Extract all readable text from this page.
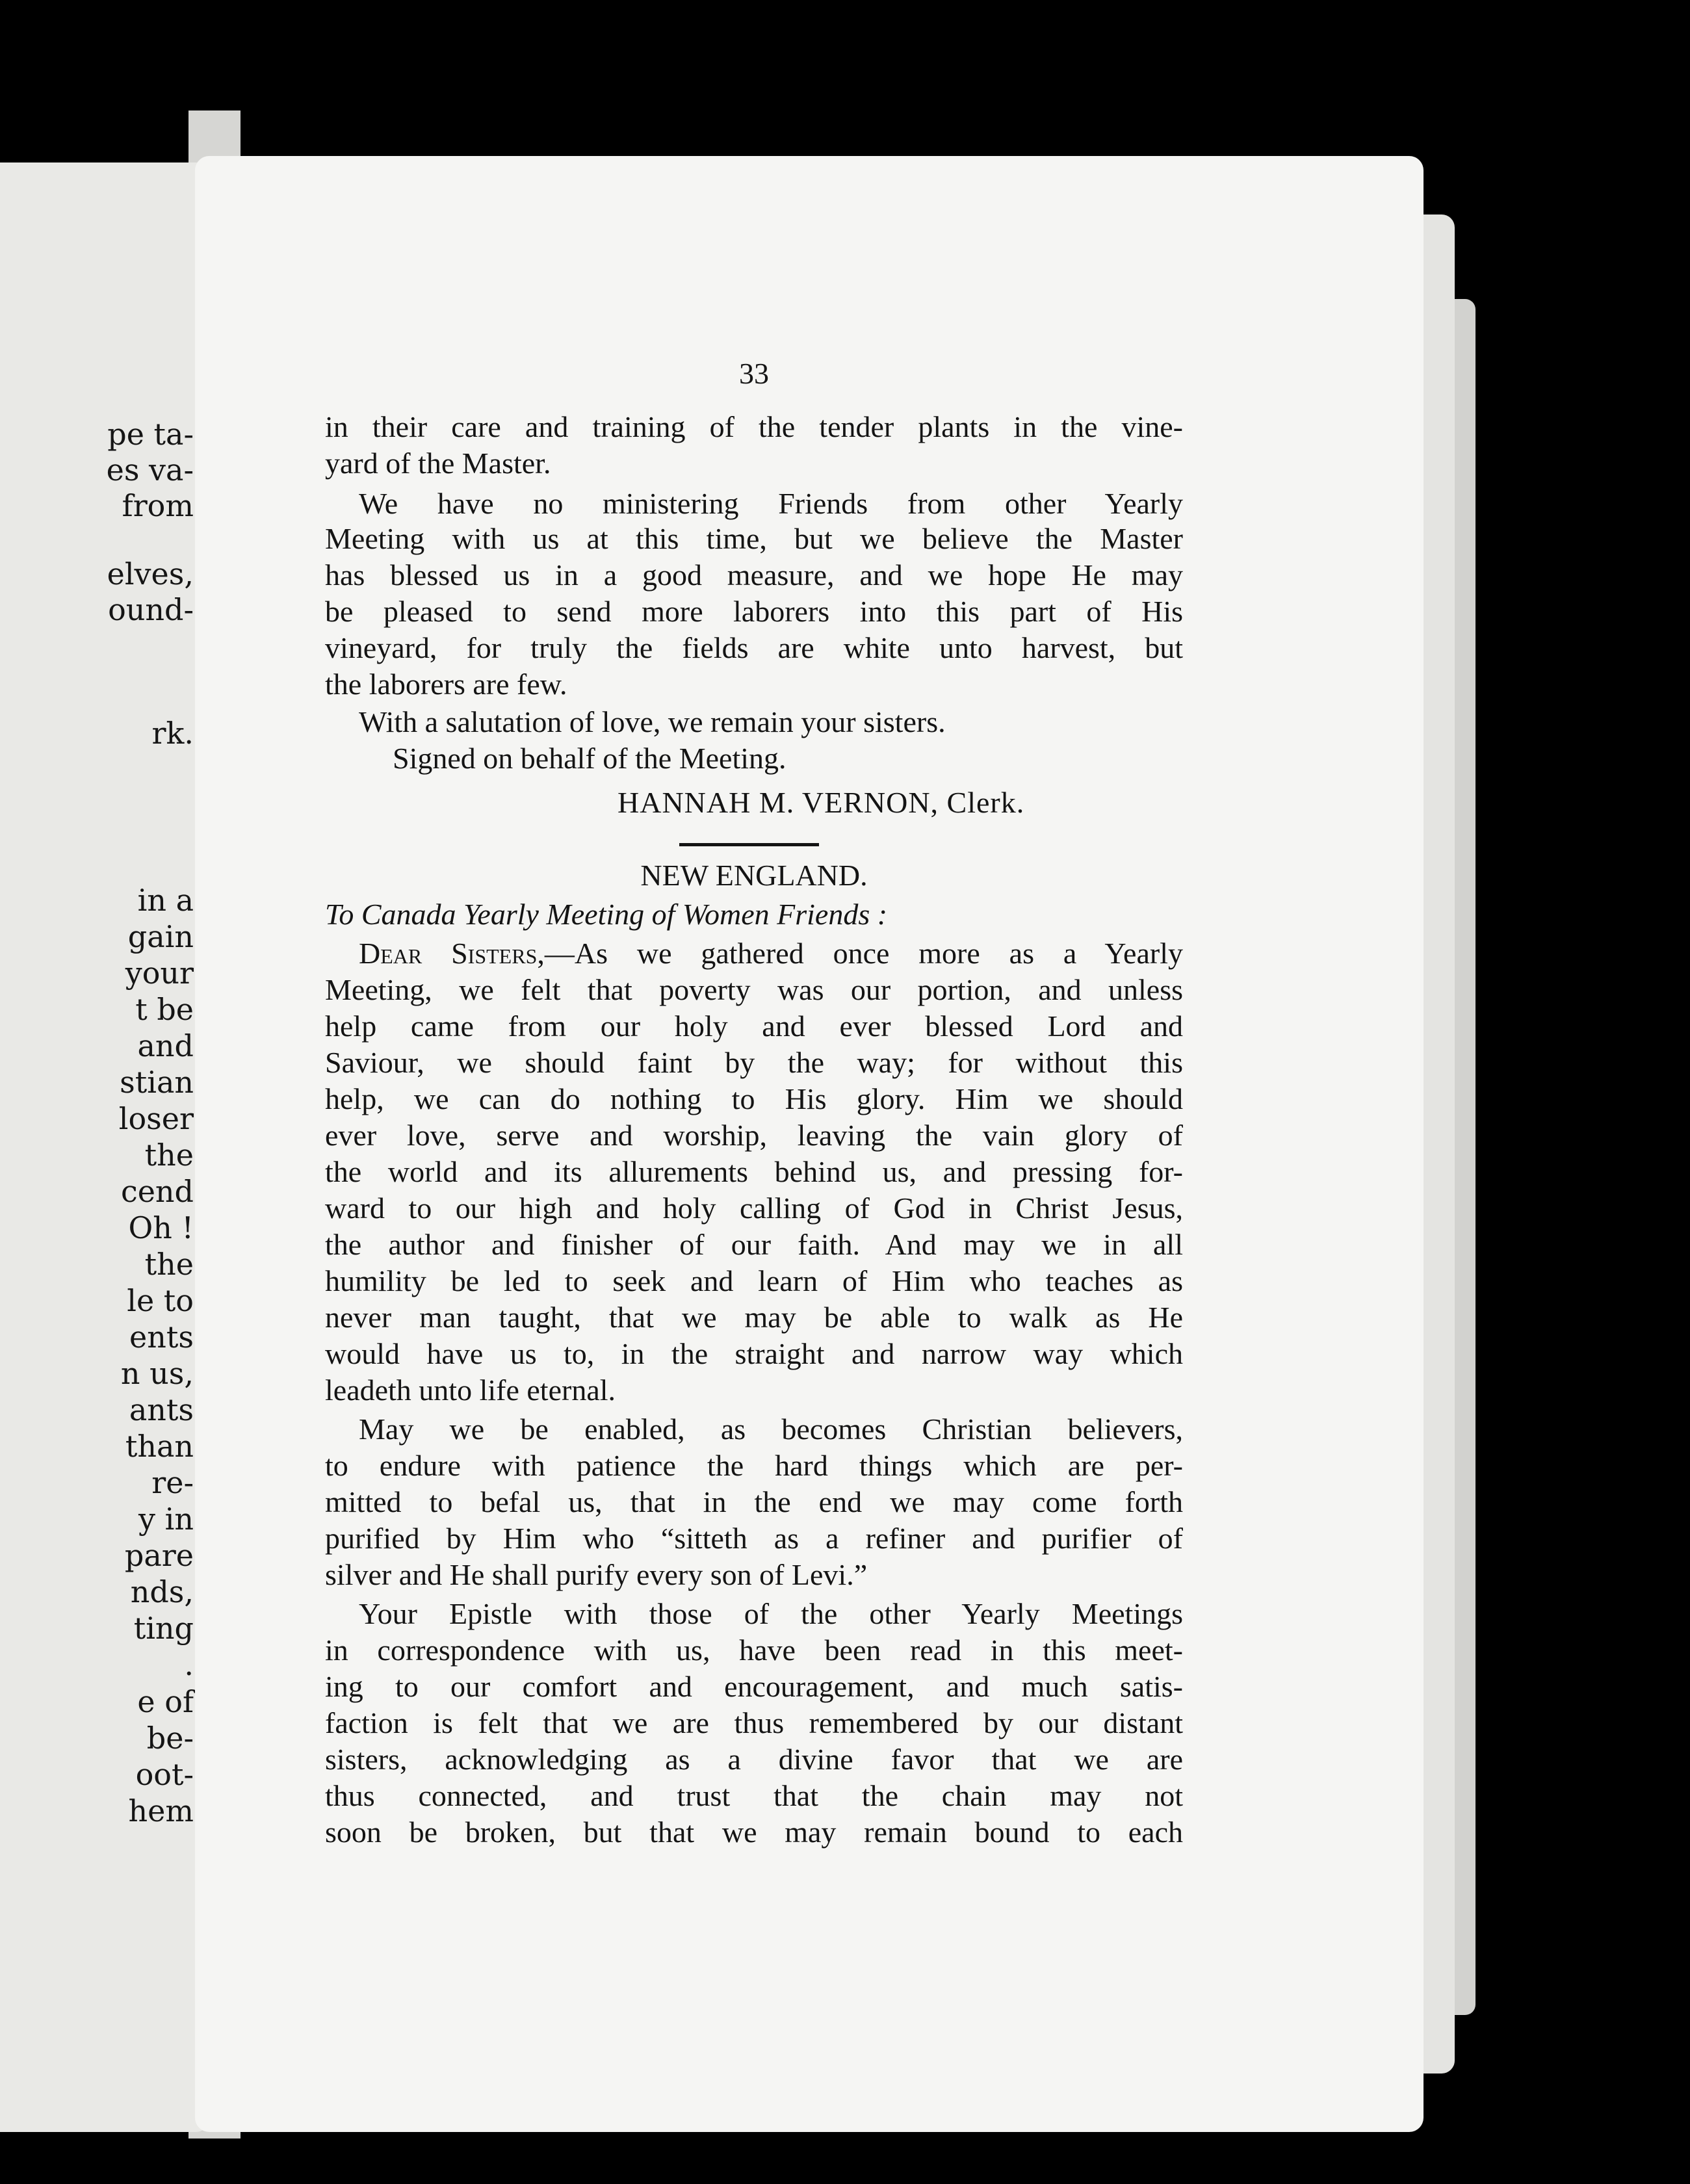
pe ta-
es va-
from
elves,
ound-
rk.
in a
gain
your
t be
and
stian
loser
the
cend
Oh !
the
le to
ents
n us,
ants
than
re-
y in
pare
nds,
ting
.
e of
be-
oot-
hem
33
in their care and training of the tender plants in the vine-
yard of the Master.
We have no ministering Friends from other Yearly
Meeting with us at this time, but we believe the Master
has blessed us in a good measure, and we hope He may
be pleased to send more laborers into this part of His
vineyard, for truly the fields are white unto harvest, but
the laborers are few.
With a salutation of love, we remain your sisters.
Signed on behalf of the Meeting.
HANNAH M. VERNON, Clerk.
NEW ENGLAND.
To Canada Yearly Meeting of Women Friends :
Dear Sisters,—As we gathered once more as a Yearly
Meeting, we felt that poverty was our portion, and unless
help came from our holy and ever blessed Lord and
Saviour, we should faint by the way; for without this
help, we can do nothing to His glory. Him we should
ever love, serve and worship, leaving the vain glory of
the world and its allurements behind us, and pressing for-
ward to our high and holy calling of God in Christ Jesus,
the author and finisher of our faith. And may we in all
humility be led to seek and learn of Him who teaches as
never man taught, that we may be able to walk as He
would have us to, in the straight and narrow way which
leadeth unto life eternal.
May we be enabled, as becomes Christian believers,
to endure with patience the hard things which are per-
mitted to befal us, that in the end we may come forth
purified by Him who “sitteth as a refiner and purifier of
silver and He shall purify every son of Levi.”
Your Epistle with those of the other Yearly Meetings
in correspondence with us, have been read in this meet-
ing to our comfort and encouragement, and much satis-
faction is felt that we are thus remembered by our distant
sisters, acknowledging as a divine favor that we are
thus connected, and trust that the chain may not
soon be broken, but that we may remain bound to each
